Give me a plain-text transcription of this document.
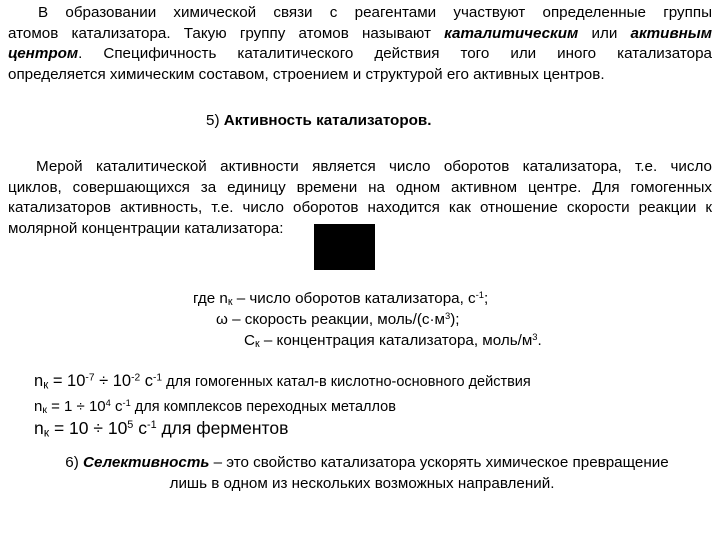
В образовании химической связи с реагентами участвуют определенные группы
атомов катализатора. Такую группу атомов называют каталитическим или активным
центром. Специфичность каталитического действия того или иного катализатора
определяется химическим составом, строением и структурой его активных центров.
5) Активность катализаторов.
Мерой каталитической активности является число оборотов катализатора, т.е. число
циклов, совершающихся за единицу времени на одном активном центре. Для гомогенных
катализаторов активность, т.е. число оборотов находится как отношение скорости реакции к
молярной концентрации катализатора:
где $n_к$ – число оборотов катализатора, $с^{-1}$;
ω – скорость реакции, моль/$(с\cdot м^3)$;
$С_к$ – концентрация катализатора, моль/$м^3$.
$n_к = 10^{-7} \div 10^{-2}$ $с^{-1}$ для гомогенных катал-в кислотно-основного действия
$n_к = 1 \div 10^4$ $с^{-1}$ для комплексов переходных металлов
$n_к = 10 \div 10^5$ $с^{-1}$ для ферментов
6) Селективность – это свойство катализатора ускорять химическое превращение
лишь в одном из нескольких возможных направлений.
